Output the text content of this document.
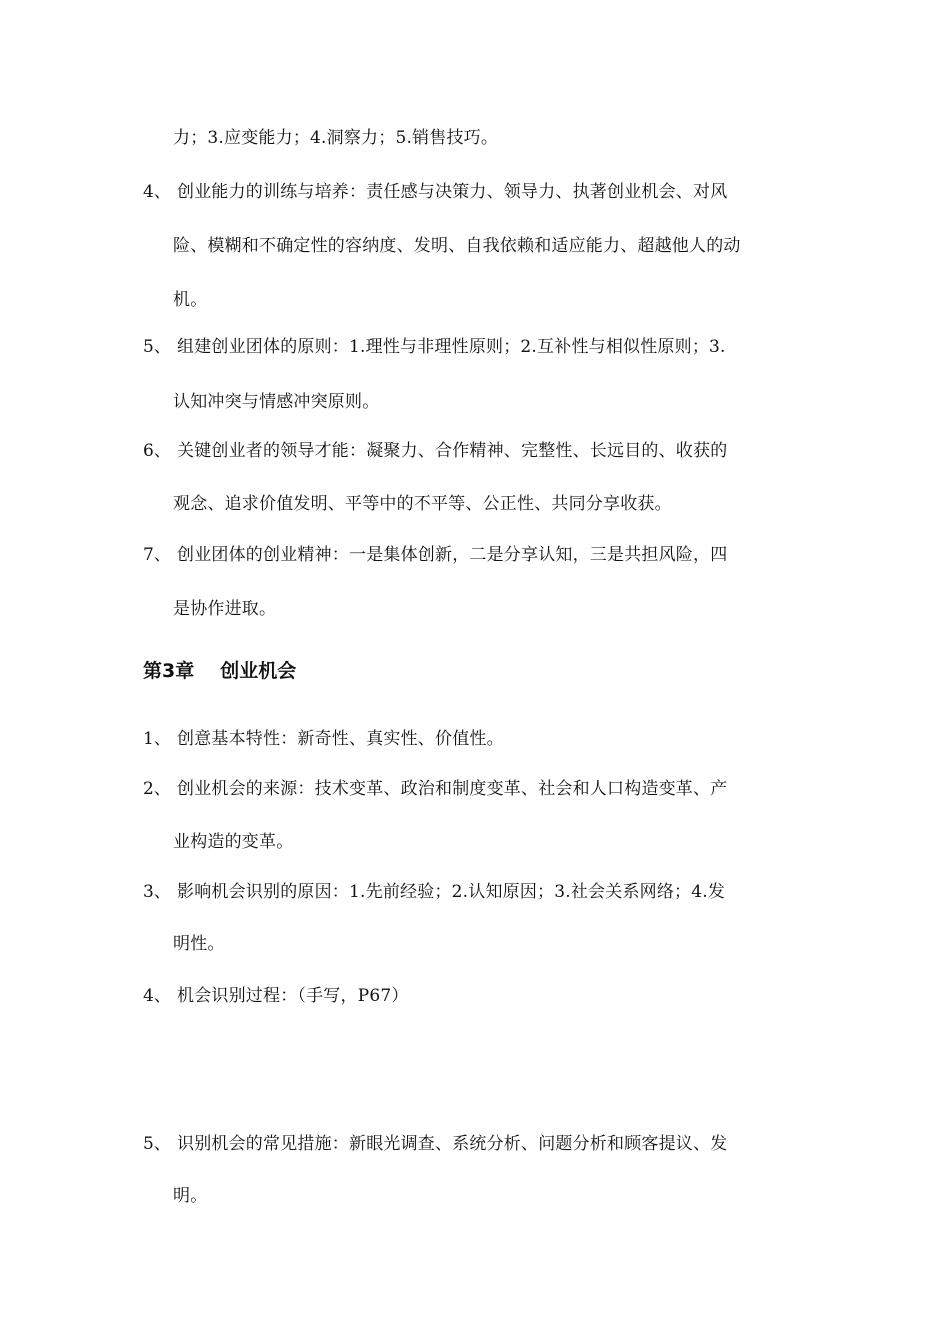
力；3.应变能力；4.洞察力；5.销售技巧。
4、 创业能力的训练与培养：责任感与决策力、领导力、执著创业机会、对风
险、模糊和不确定性的容纳度、发明、自我依赖和适应能力、超越他人的动
机。
5、 组建创业团体的原则：1.理性与非理性原则；2.互补性与相似性原则；3.
认知冲突与情感冲突原则。
6、 关键创业者的领导才能：凝聚力、合作精神、完整性、长远目的、收获的
观念、追求价值发明、平等中的不平等、公正性、共同分享收获。
7、 创业团体的创业精神：一是集体创新，二是分享认知，三是共担风险，四
是协作进取。
第3章 创业机会
1、 创意基本特性：新奇性、真实性、价值性。
2、 创业机会的来源：技术变革、政治和制度变革、社会和人口构造变革、产
业构造的变革。
3、 影响机会识别的原因：1.先前经验；2.认知原因；3.社会关系网络；4.发
明性。
4、 机会识别过程：（手写，P67）
5、 识别机会的常见措施：新眼光调查、系统分析、问题分析和顾客提议、发
明。
